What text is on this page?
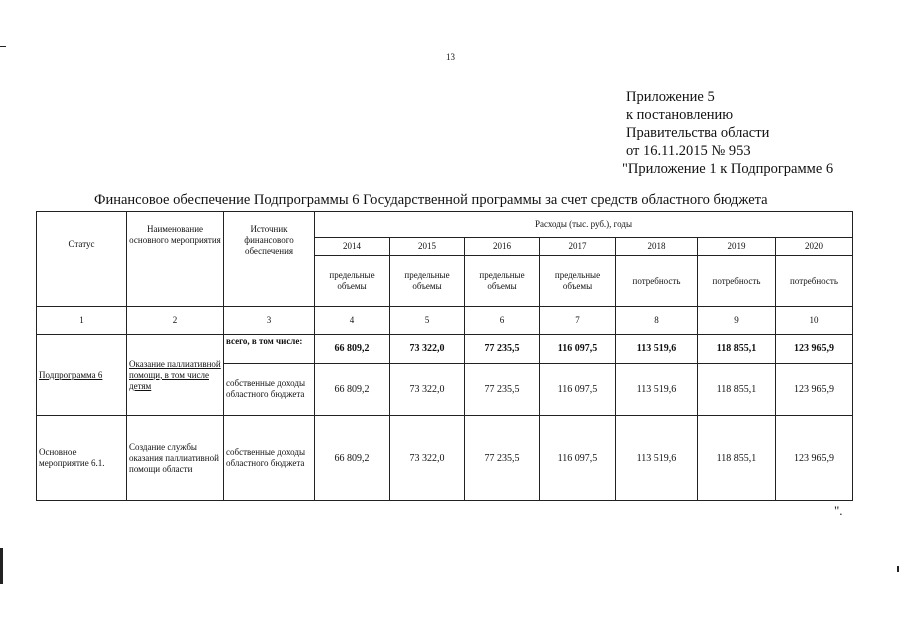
13
Приложение 5
к постановлению
Правительства области
от 16.11.2015 № 953
"Приложение 1 к Подпрограмме 6
Финансовое обеспечение Подпрограммы 6 Государственной программы за счет средств областного бюджета
Статус	Наименование основного мероприятия	Источник финансового обеспечения	Расходы (тыс. руб.), годы						
			2014	2015	2016	2017	2018	2019	2020
			предельные объемы	предельные объемы	предельные объемы	предельные объемы	потребность	потребность	потребность
1	2	3	4	5	6	7	8	9	10
Подпрограмма 6	Оказание паллиативной помощи, в том числе детям	всего, в том числе:	66 809,2	73 322,0	77 235,5	116 097,5	113 519,6	118 855,1	123 965,9
		собственные доходы областного бюджета	66 809,2	73 322,0	77 235,5	116 097,5	113 519,6	118 855,1	123 965,9
Основное мероприятие 6.1.	Создание службы оказания паллиативной помощи области	собственные доходы областного бюджета	66 809,2	73 322,0	77 235,5	116 097,5	113 519,6	118 855,1	123 965,9
".
